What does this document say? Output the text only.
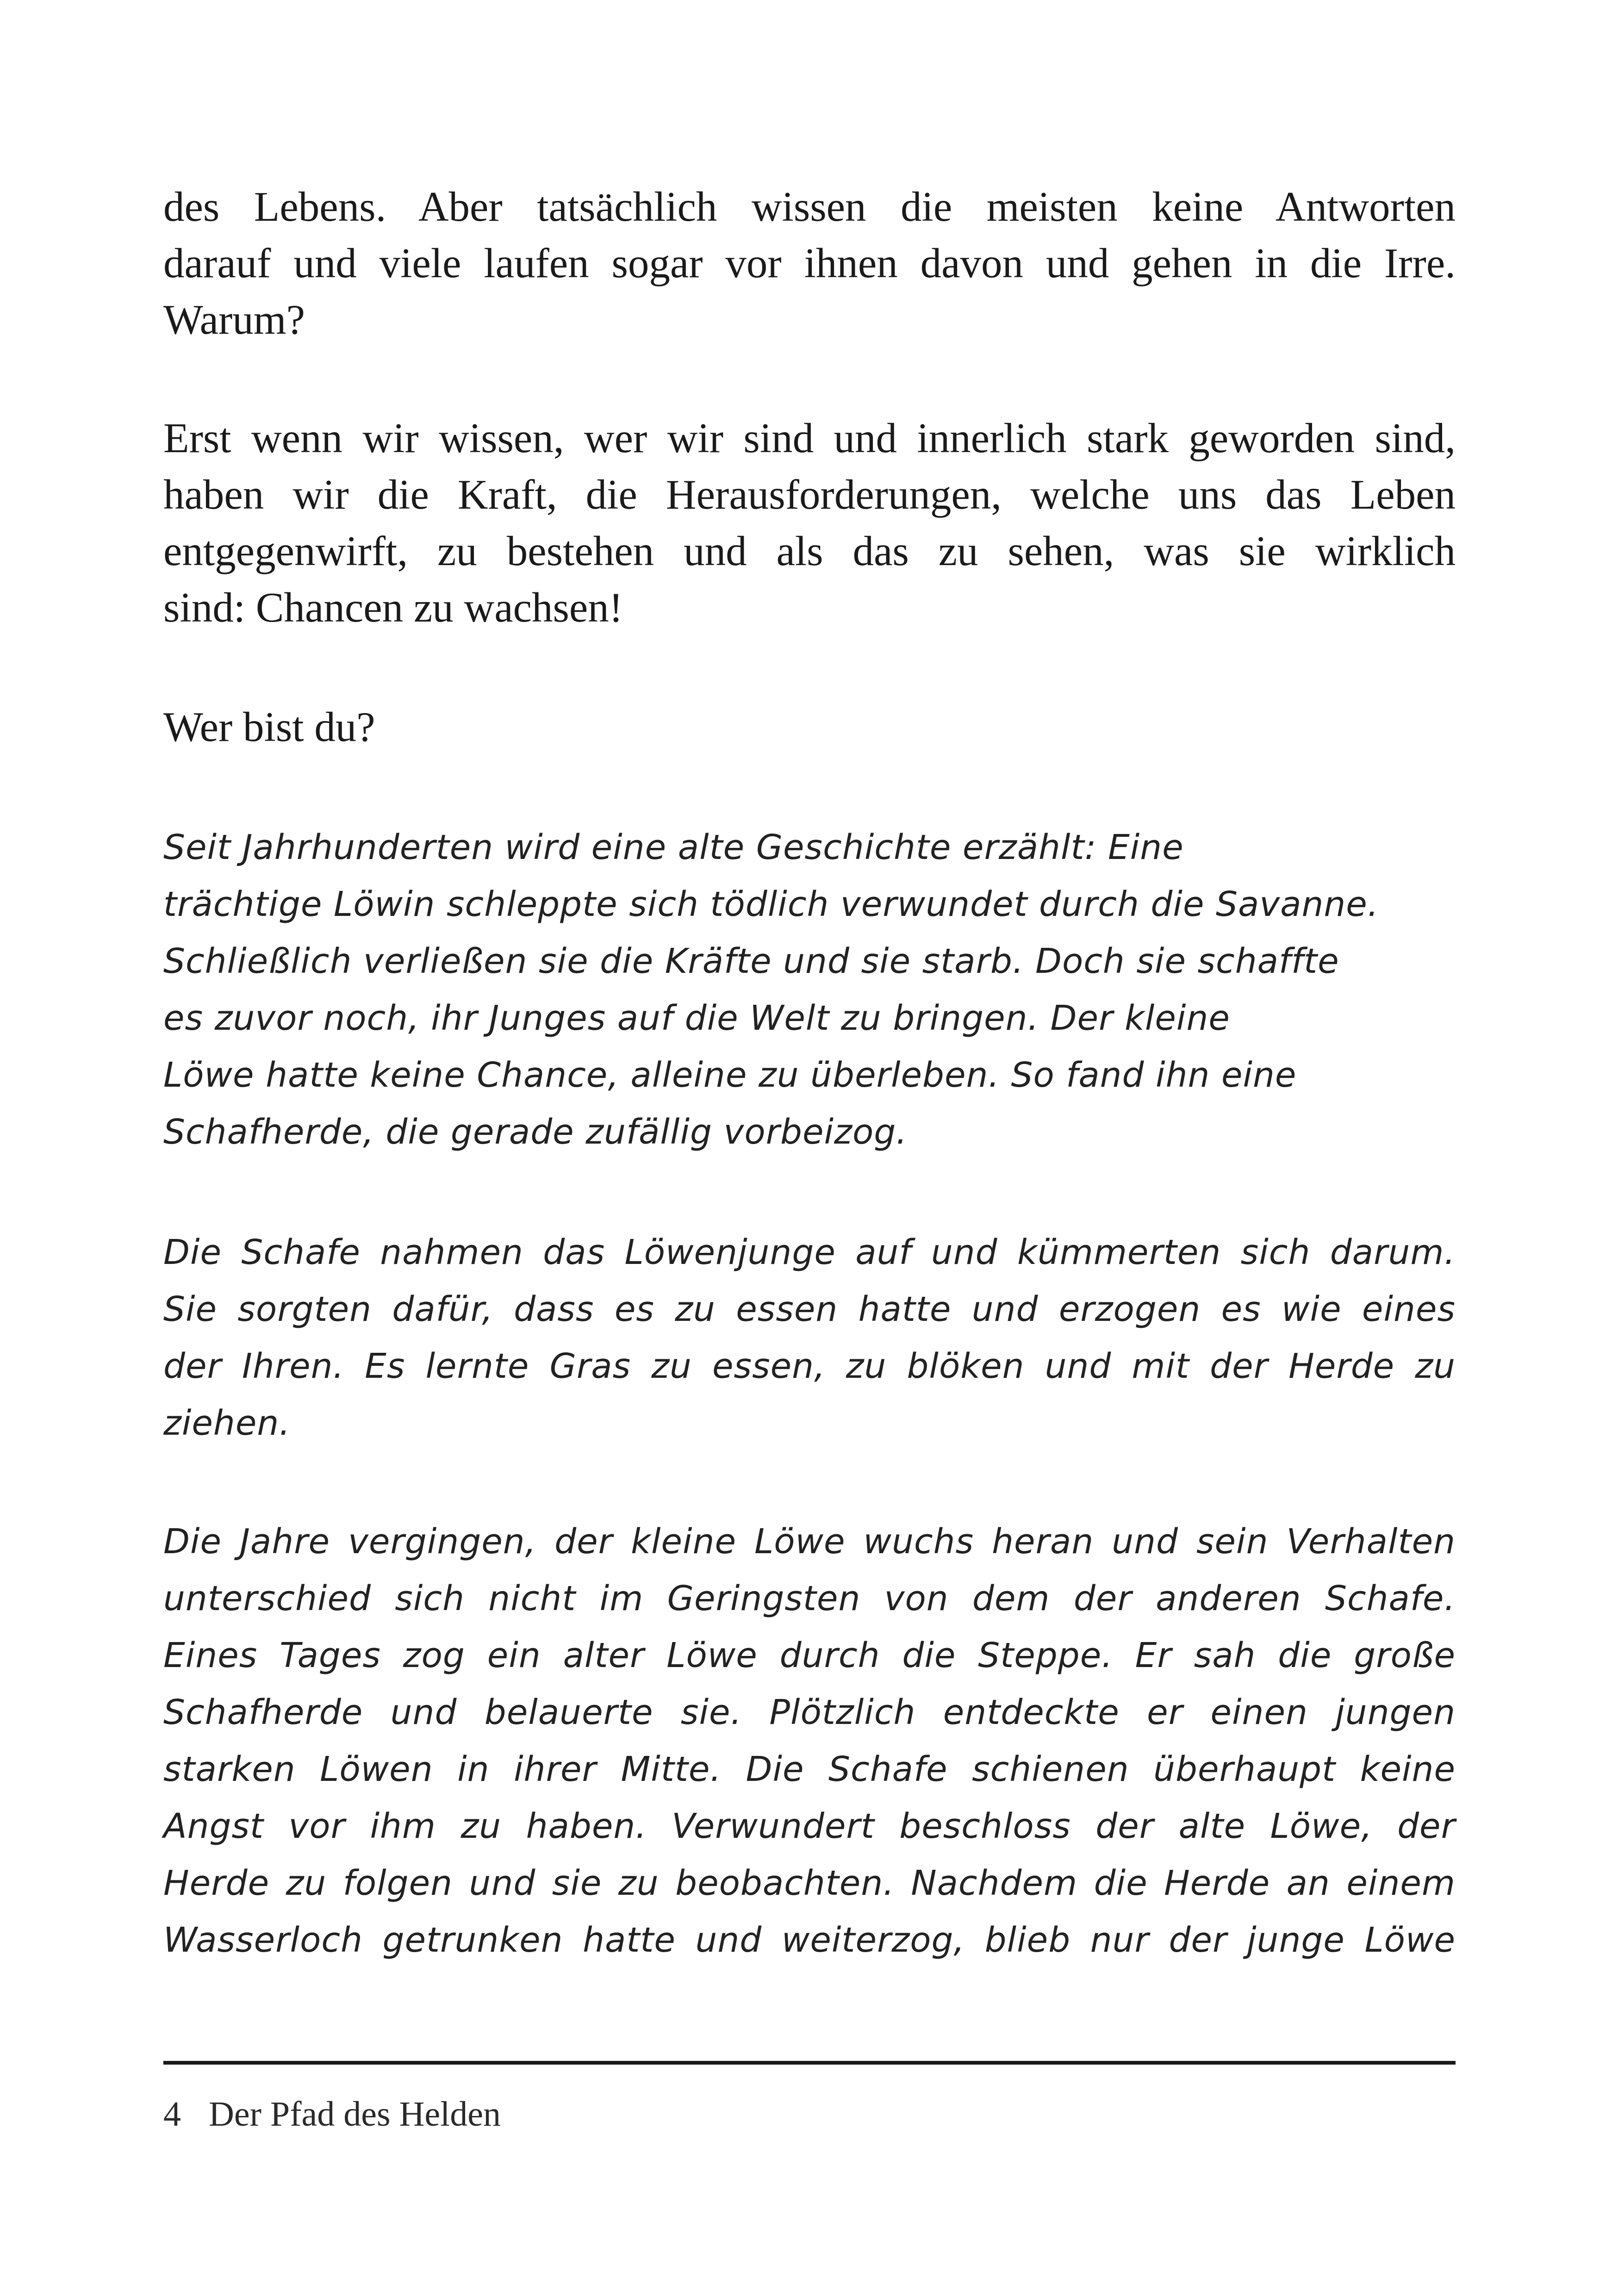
des Lebens. Aber tatsächlich wissen die meisten keine Antworten
darauf und viele laufen sogar vor ihnen davon und gehen in die Irre.
Warum?
Erst wenn wir wissen, wer wir sind und innerlich stark geworden sind,
haben wir die Kraft, die Herausforderungen, welche uns das Leben
entgegenwirft, zu bestehen und als das zu sehen, was sie wirklich
sind: Chancen zu wachsen!
Wer bist du?
Seit Jahrhunderten wird eine alte Geschichte erzählt: Eine
trächtige Löwin schleppte sich tödlich verwundet durch die Savanne.
Schließlich verließen sie die Kräfte und sie starb. Doch sie schaffte
es zuvor noch, ihr Junges auf die Welt zu bringen. Der kleine
Löwe hatte keine Chance, alleine zu überleben. So fand ihn eine
Schafherde, die gerade zufällig vorbeizog.
Die Schafe nahmen das Löwenjunge auf und kümmerten sich darum.
Sie sorgten dafür, dass es zu essen hatte und erzogen es wie eines
der Ihren. Es lernte Gras zu essen, zu blöken und mit der Herde zu
ziehen.
Die Jahre vergingen, der kleine Löwe wuchs heran und sein Verhalten
unterschied sich nicht im Geringsten von dem der anderen Schafe.
Eines Tages zog ein alter Löwe durch die Steppe. Er sah die große
Schafherde und belauerte sie. Plötzlich entdeckte er einen jungen
starken Löwen in ihrer Mitte. Die Schafe schienen überhaupt keine
Angst vor ihm zu haben. Verwundert beschloss der alte Löwe, der
Herde zu folgen und sie zu beobachten. Nachdem die Herde an einem
Wasserloch getrunken hatte und weiterzog, blieb nur der junge Löwe
4 Der Pfad des Helden
